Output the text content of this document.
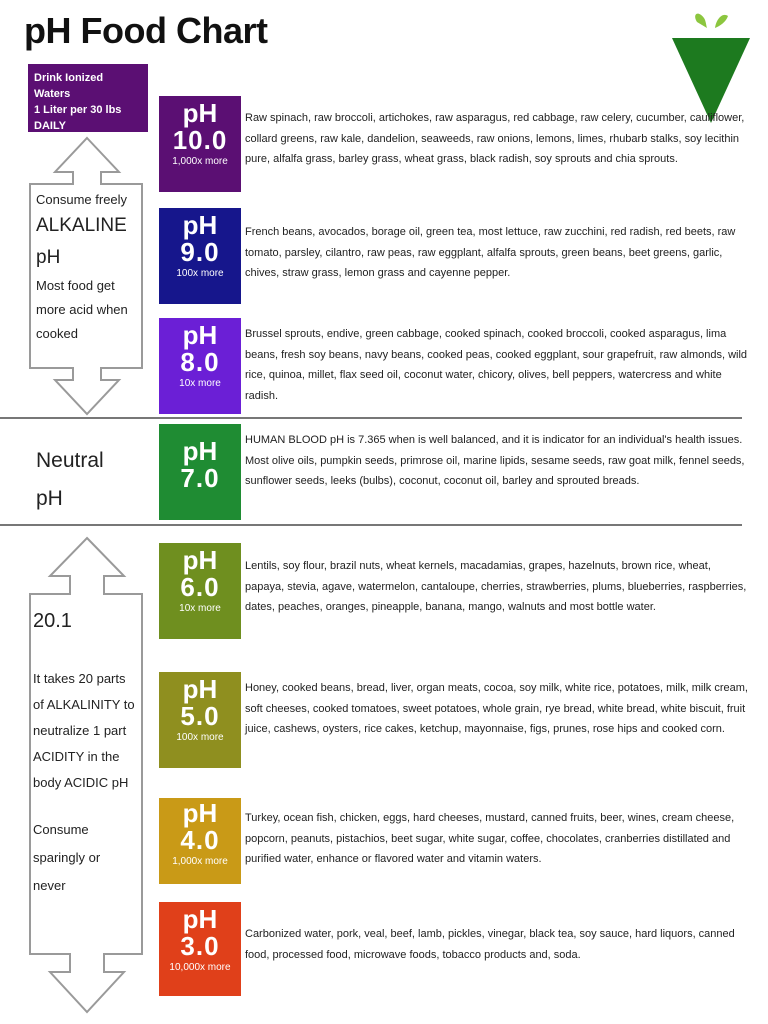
pH Food Chart
Drink Ionized Waters
1 Liter per 30 lbs
DAILY
Consume freely
ALKALINE
pH
Most food get
more acid when
cooked
Neutral
pH
20.1
It takes 20 parts
of ALKALINITY to
neutralize 1 part
ACIDITY in the
body ACIDIC pH
Consume
sparingly or
never
pH
10.0
1,000x more

Raw spinach, raw broccoli, artichokes, raw asparagus, red cabbage, raw celery, cucumber, cauliflower, collard greens, raw kale, dandelion, seaweeds, raw onions, lemons, limes, rhubarb stalks, soy lecithin pure, alfalfa grass, barley grass, wheat grass, black radish, soy sprouts and chia sprouts.

pH
9.0
100x more

French beans, avocados, borage oil, green tea, most lettuce, raw zucchini, red radish, red beets, raw tomato, parsley, cilantro, raw peas, raw eggplant, alfalfa sprouts, green beans, beet greens, garlic, chives, straw grass, lemon grass and cayenne pepper.

pH
8.0
10x more

Brussel sprouts, endive, green cabbage, cooked spinach, cooked broccoli, cooked asparagus, lima beans, fresh soy beans, navy beans, cooked peas, cooked eggplant, sour grapefruit, raw almonds, wild rice, quinoa, millet, flax seed oil, coconut water, chicory, olives, bell peppers, watercress and white radish.

pH
7.0

HUMAN BLOOD pH is 7.365 when is well balanced, and it is indicator for an individual's health issues.

Most olive oils, pumpkin seeds, primrose oil, marine lipids, sesame seeds, raw goat milk, fennel seeds, sunflower seeds, leeks (bulbs), coconut, coconut oil, barley and sprouted breads.

pH
6.0
10x more

Lentils, soy flour, brazil nuts, wheat kernels, macadamias, grapes, hazelnuts, brown rice, wheat, papaya, stevia, agave, watermelon, cantaloupe, cherries, strawberries, plums, blueberries, raspberries, dates, peaches, oranges, pineapple, banana, mango, walnuts and most bottle water.

pH
5.0
100x more

Honey, cooked beans, bread, liver, organ meats, cocoa, soy milk, white rice, potatoes, milk, milk cream, soft cheeses, cooked tomatoes, sweet potatoes, whole grain, rye bread, white bread, white biscuit, fruit juice, cashews, oysters, rice cakes, ketchup, mayonnaise, figs, prunes, rose hips and cooked corn.

pH
4.0
1,000x more

Turkey, ocean fish, chicken, eggs, hard cheeses, mustard, canned fruits, beer, wines, cream cheese, popcorn, peanuts, pistachios, beet sugar, white sugar, coffee, chocolates, cranberries distillated and purified water, enhance or flavored water and vitamin waters.

pH
3.0
10,000x more

Carbonized water, pork, veal, beef, lamb, pickles, vinegar, black tea, soy sauce, hard liquors, canned food, processed food, microwave foods, tobacco products and, soda.
